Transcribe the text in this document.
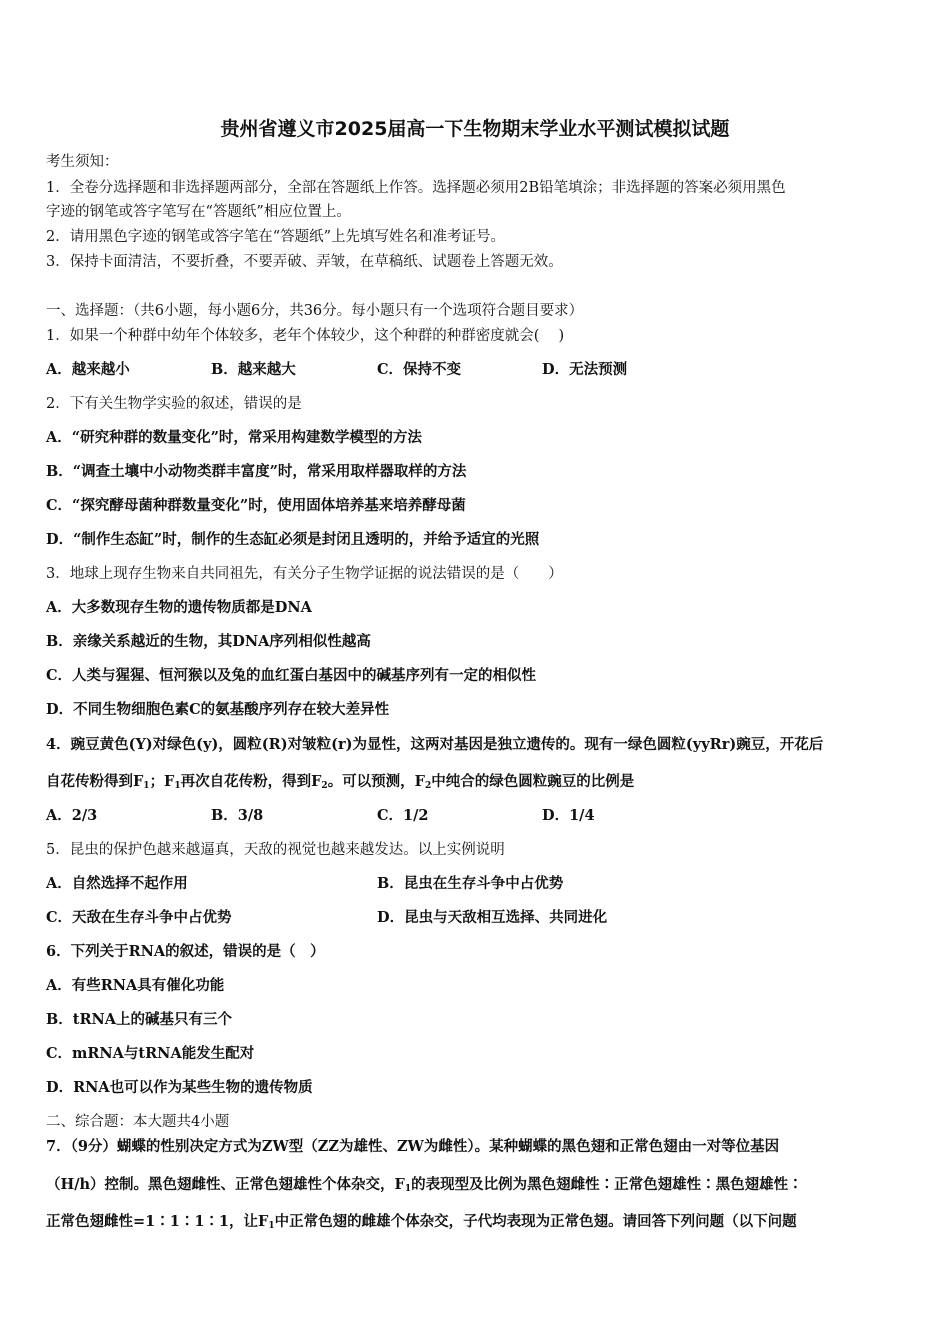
贵州省遵义市2025届高一下生物期末学业水平测试模拟试题
考生须知：
1．全卷分选择题和非选择题两部分，全部在答题纸上作答。选择题必须用2B铅笔填涂；非选择题的答案必须用黑色
字迹的钢笔或答字笔写在“答题纸”相应位置上。
2．请用黑色字迹的钢笔或答字笔在“答题纸”上先填写姓名和准考证号。
3．保持卡面清洁，不要折叠，不要弄破、弄皱，在草稿纸、试题卷上答题无效。
一、选择题：（共6小题，每小题6分，共36分。每小题只有一个选项符合题目要求）
1．如果一个种群中幼年个体较多，老年个体较少，这个种群的种群密度就会(　 )
A．越来越小	B．越来越大	C．保持不变	D．无法预测
2．下有关生物学实验的叙述，错误的是
A．“研究种群的数量变化”时，常采用构建数学模型的方法
B．“调查土壤中小动物类群丰富度”时，常采用取样器取样的方法
C．“探究酵母菌种群数量变化”时，使用固体培养基来培养酵母菌
D．“制作生态缸”时，制作的生态缸必须是封闭且透明的，并给予适宜的光照
3．地球上现存生物来自共同祖先，有关分子生物学证据的说法错误的是（　　）
A．大多数现存生物的遗传物质都是DNA
B．亲缘关系越近的生物，其DNA序列相似性越高
C．人类与猩猩、恒河猴以及兔的血红蛋白基因中的碱基序列有一定的相似性
D．不同生物细胞色素C的氨基酸序列存在较大差异性
4．豌豆黄色(Y)对绿色(y)，圆粒(R)对皱粒(r)为显性，这两对基因是独立遗传的。现有一绿色圆粒(yyRr)豌豆，开花后
自花传粉得到$F_1$；$F_1$再次自花传粉，得到$F_2$。可以预测，$F_2$中纯合的绿色圆粒豌豆的比例是
A．2/3	B．3/8	C．1/2	D．1/4
5．昆虫的保护色越来越逼真，天敌的视觉也越来越发达。以上实例说明
A．自然选择不起作用	B．昆虫在生存斗争中占优势
C．天敌在生存斗争中占优势	D．昆虫与天敌相互选择、共同进化
6．下列关于RNA的叙述，错误的是（　）
A．有些RNA具有催化功能
B．tRNA上的碱基只有三个
C．mRNA与tRNA能发生配对
D．RNA也可以作为某些生物的遗传物质
二、综合题：本大题共4小题
7．（9分）蝴蝶的性别决定方式为ZW型（ZZ为雄性、ZW为雌性）。某种蝴蝶的黑色翅和正常色翅由一对等位基因
（H/h）控制。黑色翅雌性、正常色翅雄性个体杂交，$F_1$的表现型及比例为黑色翅雌性∶正常色翅雄性∶黑色翅雄性∶
正常色翅雌性=1∶1∶1∶1，让$F_1$中正常色翅的雌雄个体杂交，子代均表现为正常色翅。请回答下列问题（以下问题
